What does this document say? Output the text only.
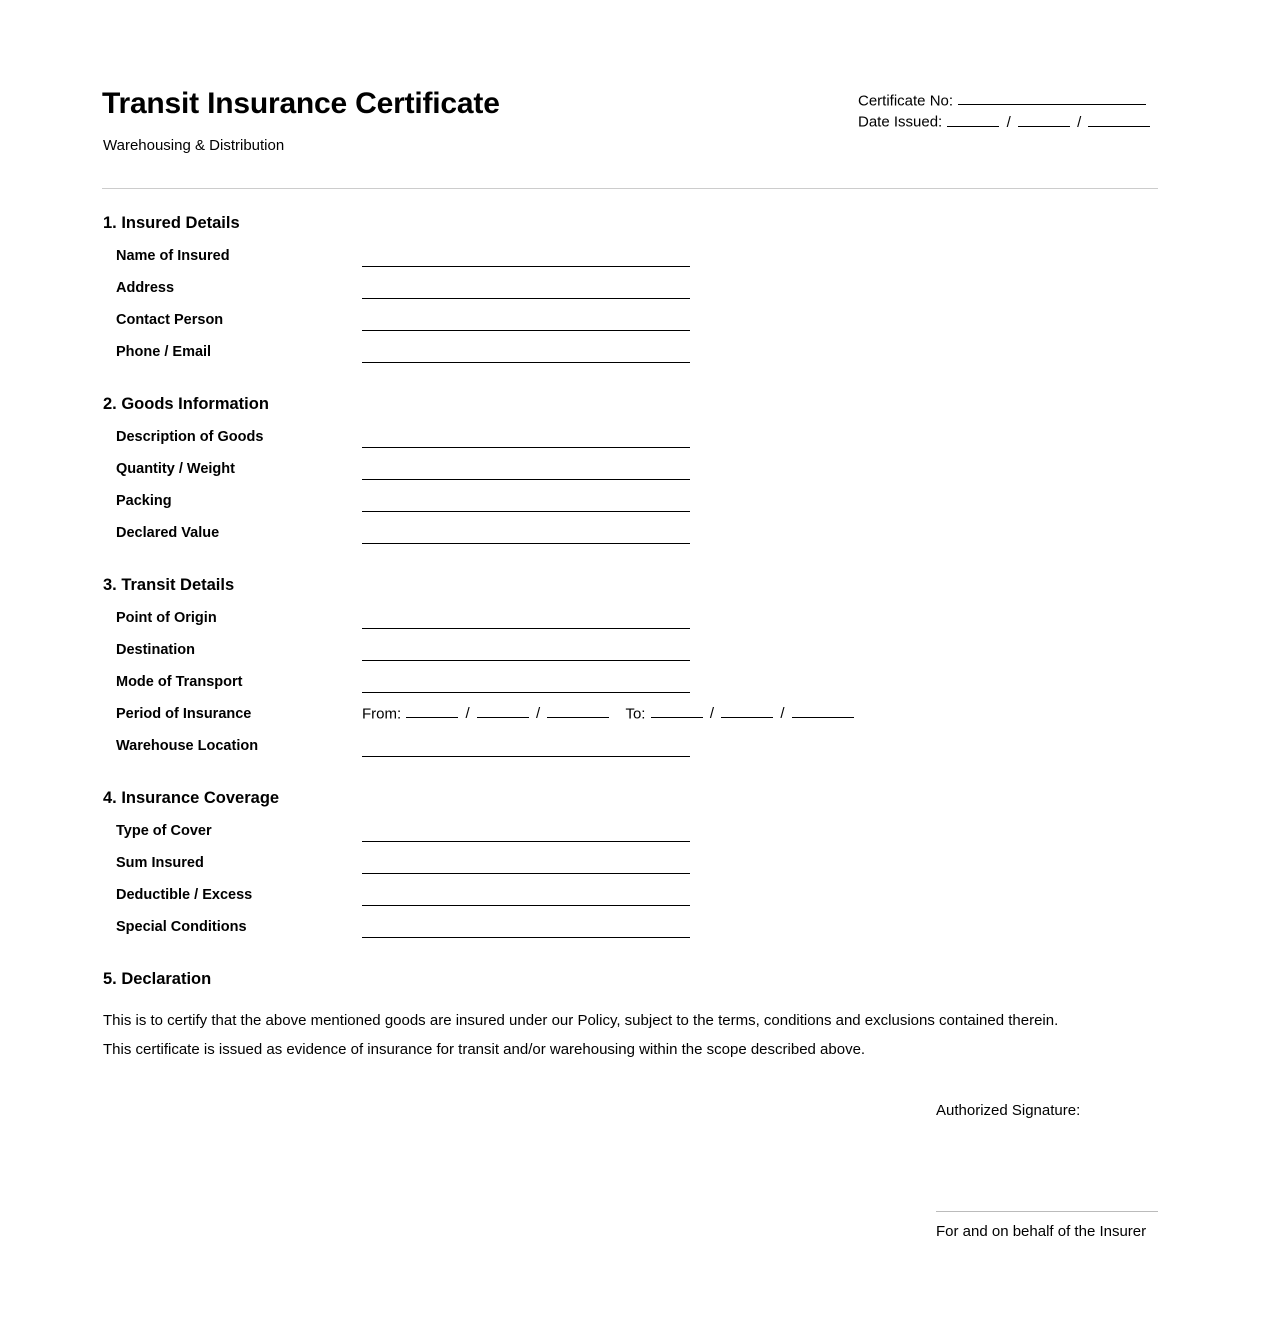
Transit Insurance Certificate
Warehousing & Distribution
Certificate No:
Date Issued:	/	/
1. Insured Details
Name of Insured
Address
Contact Person
Phone / Email
2. Goods Information
Description of Goods
Quantity / Weight
Packing
Declared Value
3. Transit Details
Point of Origin
Destination
Mode of Transport
Period of Insurance	From:	/	/	To:	/	/
Warehouse Location
4. Insurance Coverage
Type of Cover
Sum Insured
Deductible / Excess
Special Conditions
5. Declaration
This is to certify that the above mentioned goods are insured under our Policy, subject to the terms, conditions and exclusions contained therein.
This certificate is issued as evidence of insurance for transit and/or warehousing within the scope described above.
Authorized Signature:
For and on behalf of the Insurer
